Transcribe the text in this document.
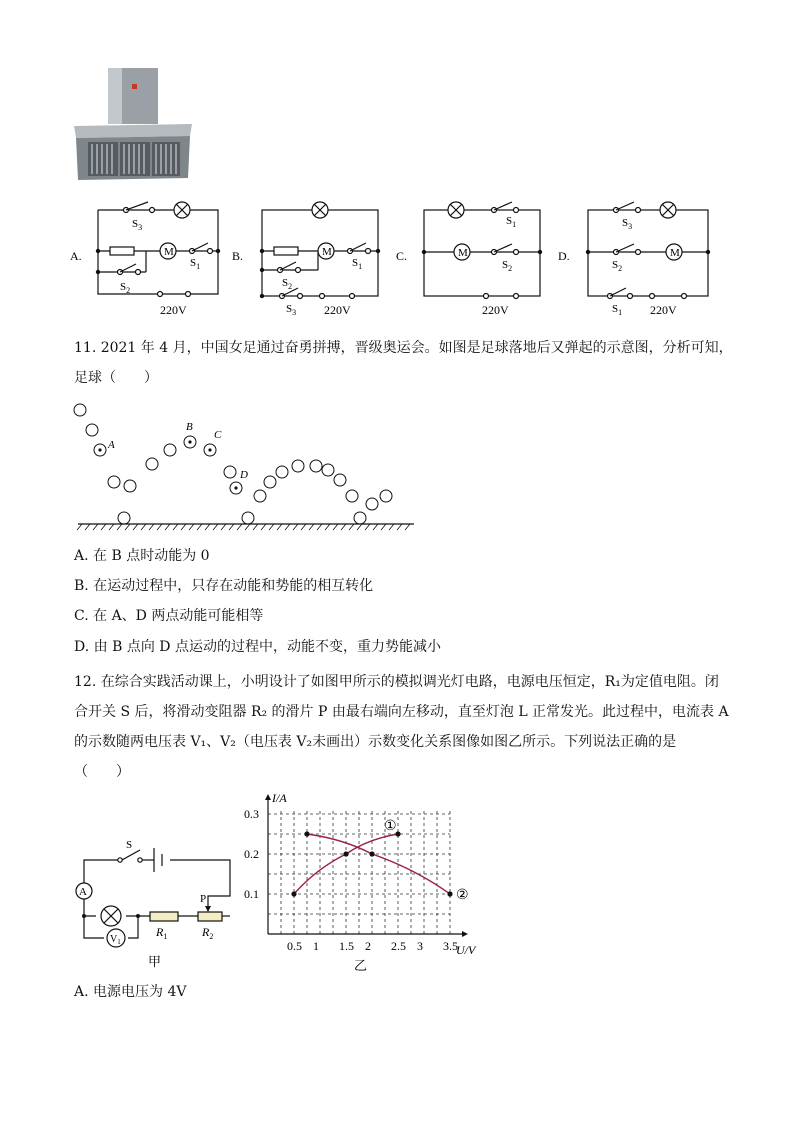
A.	B.	C.	D.
M	M	M	M
$S_3$
$S_1$
$S_2$
$S_1$
$S_2$
$S_3$
$S_1$
$S_2$
$S_3$
$S_2$
$S_1$
220V	220V	220V	220V
11. 2021 年 4 月，中国女足通过奋勇拼搏，晋级奥运会。如图是足球落地后又弹起的示意图，分析可知，
足球（　　）
A
B
C
D
A. 在 B 点时动能为 0
B. 在运动过程中，只存在动能和势能的相互转化
C. 在 A、D 两点动能可能相等
D. 由 B 点向 D 点运动的过程中，动能不变，重力势能减小
12. 在综合实践活动课上，小明设计了如图甲所示的模拟调光灯电路，电源电压恒定，R₁为定值电阻。闭
合开关 S 后，将滑动变阻器 R₂ 的滑片 P 由最右端向左移动，直至灯泡 L 正常发光。此过程中，电流表 A
的示数随两电压表 V₁、V₂（电压表 V₂未画出）示数变化关系图像如图乙所示。下列说法正确的是
（　　）
A
$V_1$
S
P
$R_1$	$R_2$
甲
0.5 1 1.5 2 2.5 3 3.5
0.1
0.2
0.3
I/A
U/V
乙
①
②
A. 电源电压为 4V
